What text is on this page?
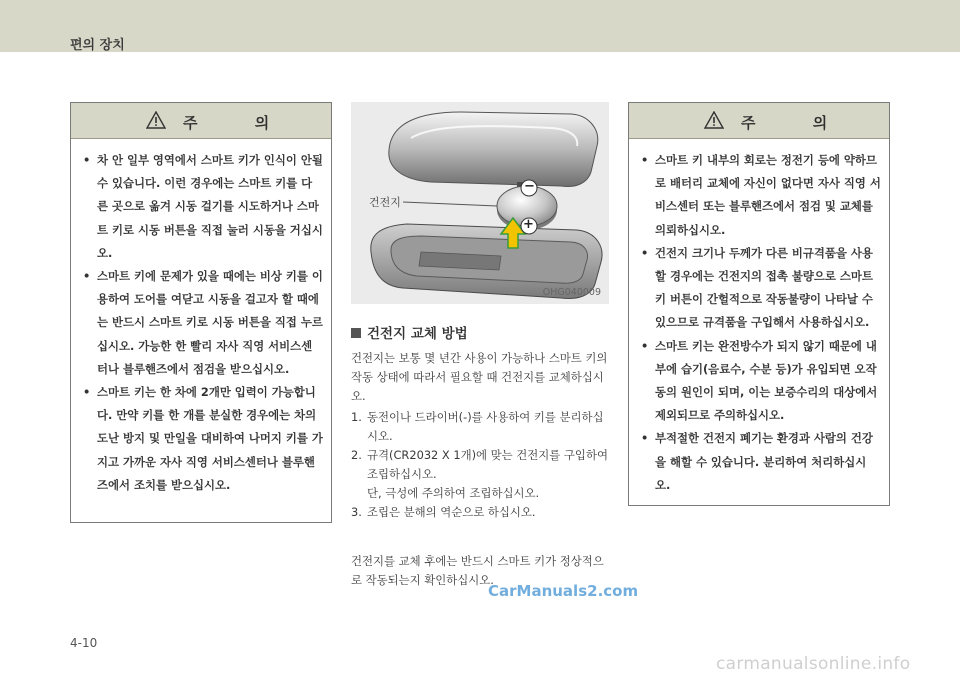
편의 장치
주 의
• 차 안 일부 영역에서 스마트 키가 인식이 안될 수 있습니다. 이런 경우에는 스마트 키를 다른 곳으로 옮겨 시동 걸기를 시도하거나 스마트 키로 시동 버튼을 직접 눌러 시동을 거십시오.
• 스마트 키에 문제가 있을 때에는 비상 키를 이용하여 도어를 여닫고 시동을 걸고자 할 때에는 반드시 스마트 키로 시동 버튼을 직접 누르십시오. 가능한 한 빨리 자사 직영 서비스센터나 블루핸즈에서 점검을 받으십시오.
• 스마트 키는 한 차에 2개만 입력이 가능합니다. 만약 키를 한 개를 분실한 경우에는 차의 도난 방지 및 만일을 대비하여 나머지 키를 가지고 가까운 자사 직영 서비스센터나 블루핸즈에서 조치를 받으십시오.
건전지
−
+
OHG040009
건전지 교체 방법

건전지는 보통 몇 년간 사용이 가능하나 스마트 키의 작동 상태에 따라서 필요할 때 건전지를 교체하십시오.

1. 동전이나 드라이버(-)를 사용하여 키를 분리하십시오.
2. 규격(CR2032 X 1개)에 맞는 건전지를 구입하여 조립하십시오.
단, 극성에 주의하여 조립하십시오.
3. 조립은 분해의 역순으로 하십시오.

건전지를 교체 후에는 반드시 스마트 키가 정상적으로 작동되는지 확인하십시오.

주 의
• 스마트 키 내부의 회로는 정전기 등에 약하므로 배터리 교체에 자신이 없다면 자사 직영 서비스센터 또는 블루핸즈에서 점검 및 교체를 의뢰하십시오.
• 건전지 크기나 두께가 다른 비규격품을 사용할 경우에는 건전지의 접촉 불량으로 스마트 키 버튼이 간헐적으로 작동불량이 나타날 수 있으므로 규격품을 구입해서 사용하십시오.
• 스마트 키는 완전방수가 되지 않기 때문에 내부에 습기(음료수, 수분 등)가 유입되면 오작동의 원인이 되며, 이는 보증수리의 대상에서 제외되므로 주의하십시오.
• 부적절한 건전지 폐기는 환경과 사람의 건강을 해할 수 있습니다. 분리하여 처리하십시오.
CarManuals2.com
4-10
carmanualsonline.info
